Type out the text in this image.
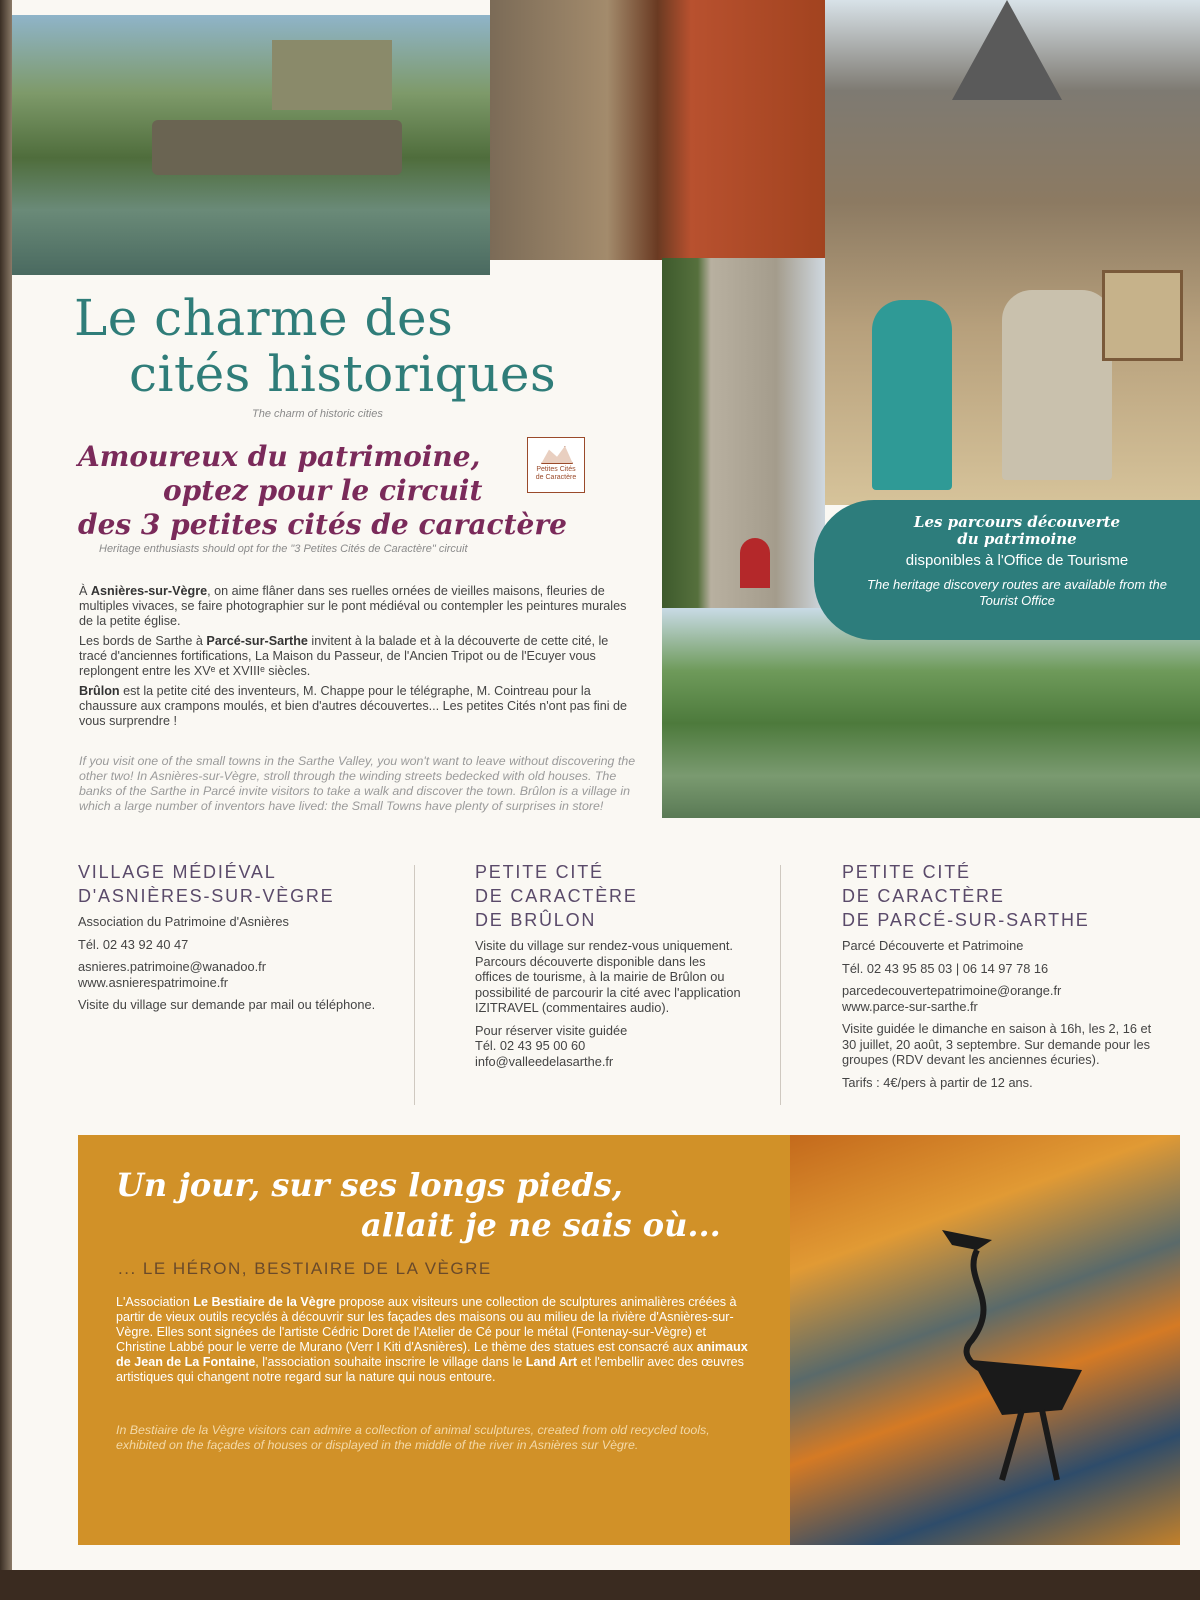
Les parcours découverte
du patrimoine
disponibles à l'Office de Tourisme
The heritage discovery routes are available from the Tourist Office
Le charme des
cités historiques
The charm of historic cities
Amoureux du patrimoine,
optez pour le circuit
des 3 petites cités de caractère
Petites Cités
de Caractère
Heritage enthusiasts should opt for the "3 Petites Cités de Caractère" circuit

À Asnières-sur-Vègre, on aime flâner dans ses ruelles ornées de vieilles maisons, fleuries de multiples vivaces, se faire photographier sur le pont médiéval ou contempler les peintures murales de la petite église.

Les bords de Sarthe à Parcé-sur-Sarthe invitent à la balade et à la découverte de cette cité, le tracé d'anciennes fortifications, La Maison du Passeur, de l'Ancien Tripot ou de l'Ecuyer vous replongent entre les XVᵉ et XVIIIᵉ siècles.

Brûlon est la petite cité des inventeurs, M. Chappe pour le télégraphe, M. Cointreau pour la chaussure aux crampons moulés, et bien d'autres découvertes... Les petites Cités n'ont pas fini de vous surprendre !

If you visit one of the small towns in the Sarthe Valley, you won't want to leave without discovering the other two! In Asnières-sur-Vègre, stroll through the winding streets bedecked with old houses. The banks of the Sarthe in Parcé invite visitors to take a walk and discover the town. Brûlon is a village in which a large number of inventors have lived: the Small Towns have plenty of surprises in store!
VILLAGE MÉDIÉVAL
D'ASNIÈRES-SUR-VÈGRE
Association du Patrimoine d'Asnières
Tél. 02 43 92 40 47
asnieres.patrimoine@wanadoo.fr
www.asnierespatrimoine.fr
Visite du village sur demande par mail ou téléphone.
PETITE CITÉ
DE CARACTÈRE
DE BRÛLON
Visite du village sur rendez-vous uniquement. Parcours découverte disponible dans les offices de tourisme, à la mairie de Brûlon ou possibilité de parcourir la cité avec l'application IZITRAVEL (commentaires audio).
Pour réserver visite guidée
Tél. 02 43 95 00 60
info@valleedelasarthe.fr
PETITE CITÉ
DE CARACTÈRE
DE PARCÉ-SUR-SARTHE
Parcé Découverte et Patrimoine
Tél. 02 43 95 85 03 | 06 14 97 78 16
parcedecouvertepatrimoine@orange.fr
www.parce-sur-sarthe.fr
Visite guidée le dimanche en saison à 16h, les 2, 16 et 30 juillet, 20 août, 3 septembre. Sur demande pour les groupes (RDV devant les anciennes écuries).
Tarifs : 4€/pers à partir de 12 ans.
Un jour, sur ses longs pieds,
allait je ne sais où...
... LE HÉRON, BESTIAIRE DE LA VÈGRE
L'Association Le Bestiaire de la Vègre propose aux visiteurs une collection de sculptures animalières créées à partir de vieux outils recyclés à découvrir sur les façades des maisons ou au milieu de la rivière d'Asnières-sur-Vègre. Elles sont signées de l'artiste Cédric Doret de l'Atelier de Cé pour le métal (Fontenay-sur-Vègre) et Christine Labbé pour le verre de Murano (Verr I Kiti d'Asnières). Le thème des statues est consacré aux animaux de Jean de La Fontaine, l'association souhaite inscrire le village dans le Land Art et l'embellir avec des œuvres artistiques qui changent notre regard sur la nature qui nous entoure.
In Bestiaire de la Vègre visitors can admire a collection of animal sculptures, created from old recycled tools, exhibited on the façades of houses or displayed in the middle of the river in Asnières sur Vègre.
